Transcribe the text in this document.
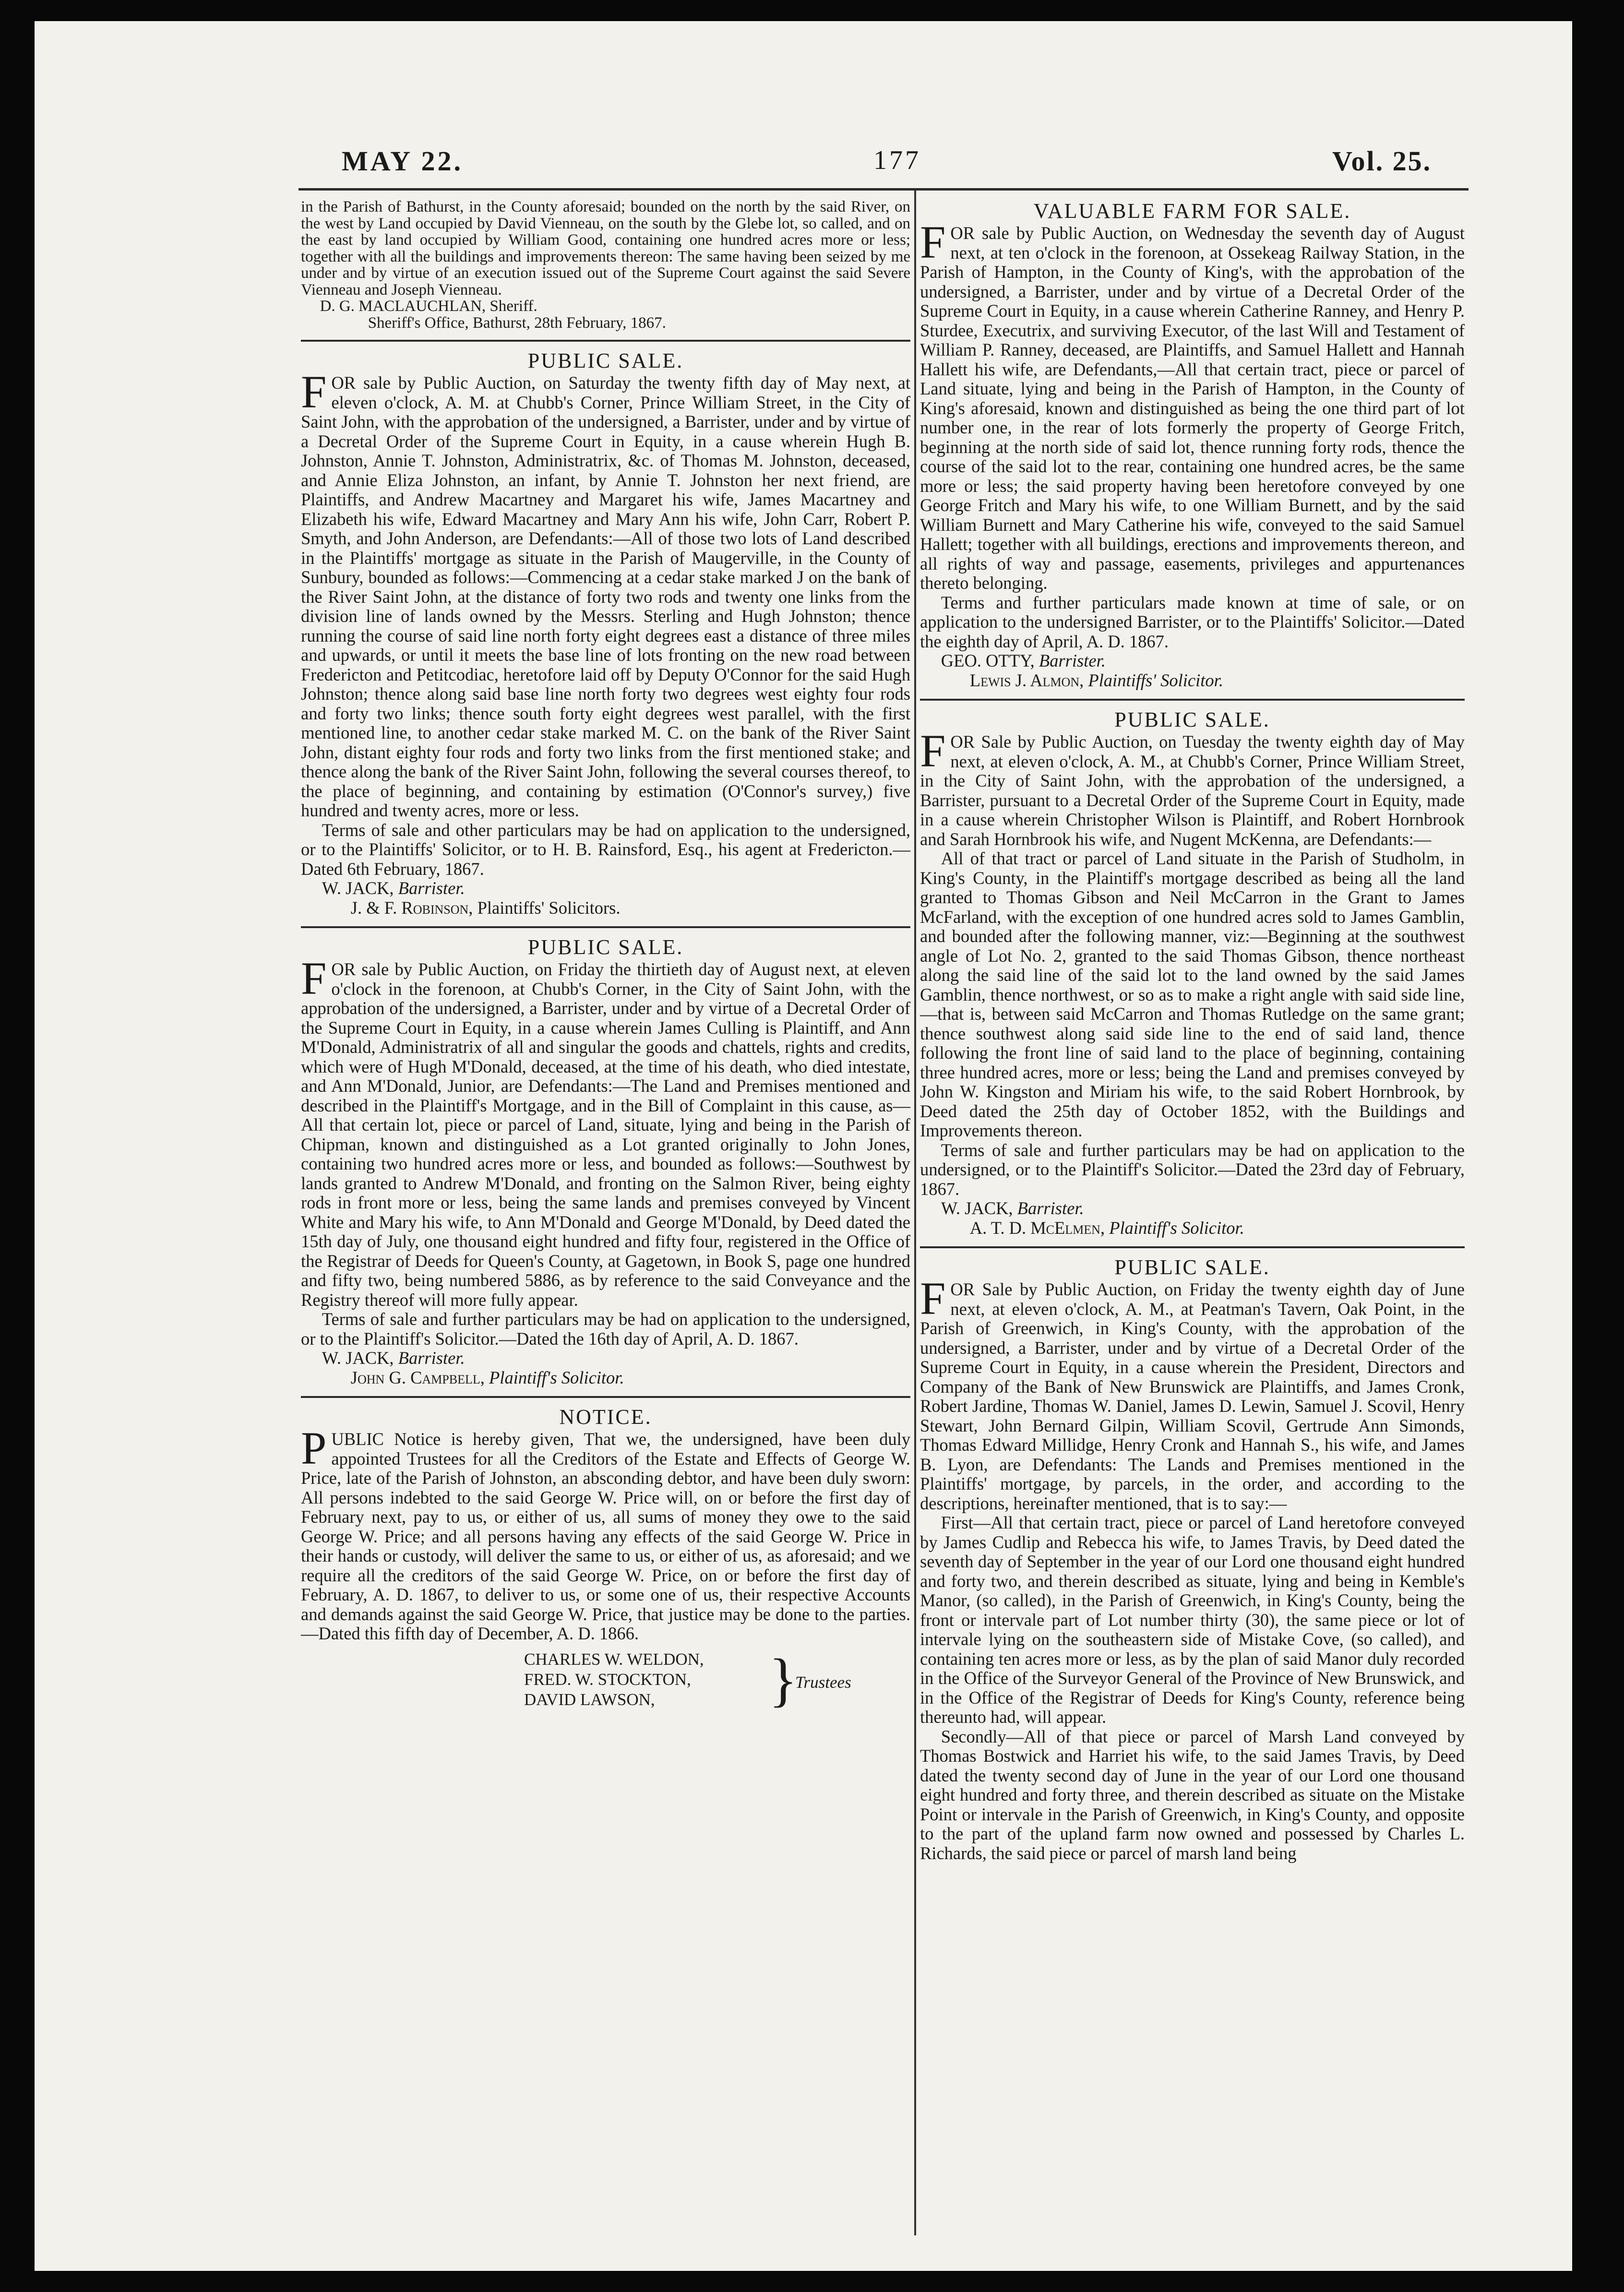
MAY 22.	177	Vol. 25.

in the Parish of Bathurst, in the County aforesaid; bounded on the north by the said River, on the west by Land occupied by David Vienneau, on the south by the Glebe lot, so called, and on the east by land occupied by William Good, containing one hundred acres more or less; together with all the buildings and improvements thereon: The same having been seized by me under and by virtue of an execution issued out of the Supreme Court against the said Severe Vienneau and Joseph Vienneau.

D. G. MACLAUCHLAN, Sheriff.

Sheriff's Office, Bathurst, 28th February, 1867.

PUBLIC SALE.

FOR sale by Public Auction, on Saturday the twenty fifth day of May next, at eleven o'clock, A. M. at Chubb's Corner, Prince William Street, in the City of Saint John, with the approbation of the undersigned, a Barrister, under and by virtue of a Decretal Order of the Supreme Court in Equity, in a cause wherein Hugh B. Johnston, Annie T. Johnston, Administratrix, &c. of Thomas M. Johnston, deceased, and Annie Eliza Johnston, an infant, by Annie T. Johnston her next friend, are Plaintiffs, and Andrew Macartney and Margaret his wife, James Macartney and Elizabeth his wife, Edward Macartney and Mary Ann his wife, John Carr, Robert P. Smyth, and John Anderson, are Defendants:—All of those two lots of Land described in the Plaintiffs' mortgage as situate in the Parish of Maugerville, in the County of Sunbury, bounded as follows:—Commencing at a cedar stake marked J on the bank of the River Saint John, at the distance of forty two rods and twenty one links from the division line of lands owned by the Messrs. Sterling and Hugh Johnston; thence running the course of said line north forty eight degrees east a distance of three miles and upwards, or until it meets the base line of lots fronting on the new road between Fredericton and Petitcodiac, heretofore laid off by Deputy O'Connor for the said Hugh Johnston; thence along said base line north forty two degrees west eighty four rods and forty two links; thence south forty eight degrees west parallel, with the first mentioned line, to another cedar stake marked M. C. on the bank of the River Saint John, distant eighty four rods and forty two links from the first mentioned stake; and thence along the bank of the River Saint John, following the several courses thereof, to the place of beginning, and containing by estimation (O'Connor's survey,) five hundred and twenty acres, more or less.

Terms of sale and other particulars may be had on application to the undersigned, or to the Plaintiffs' Solicitor, or to H. B. Rainsford, Esq., his agent at Fredericton.—Dated 6th February, 1867.

W. JACK, Barrister.

J. & F. Robinson, Plaintiffs' Solicitors.

PUBLIC SALE.

FOR sale by Public Auction, on Friday the thirtieth day of August next, at eleven o'clock in the forenoon, at Chubb's Corner, in the City of Saint John, with the approbation of the undersigned, a Barrister, under and by virtue of a Decretal Order of the Supreme Court in Equity, in a cause wherein James Culling is Plaintiff, and Ann M'Donald, Administratrix of all and singular the goods and chattels, rights and credits, which were of Hugh M'Donald, deceased, at the time of his death, who died intestate, and Ann M'Donald, Junior, are Defendants:—The Land and Premises mentioned and described in the Plaintiff's Mortgage, and in the Bill of Complaint in this cause, as—All that certain lot, piece or parcel of Land, situate, lying and being in the Parish of Chipman, known and distinguished as a Lot granted originally to John Jones, containing two hundred acres more or less, and bounded as follows:—Southwest by lands granted to Andrew M'Donald, and fronting on the Salmon River, being eighty rods in front more or less, being the same lands and premises conveyed by Vincent White and Mary his wife, to Ann M'Donald and George M'Donald, by Deed dated the 15th day of July, one thousand eight hundred and fifty four, registered in the Office of the Registrar of Deeds for Queen's County, at Gagetown, in Book S, page one hundred and fifty two, being numbered 5886, as by reference to the said Conveyance and the Registry thereof will more fully appear.

Terms of sale and further particulars may be had on application to the undersigned, or to the Plaintiff's Solicitor.—Dated the 16th day of April, A. D. 1867.

W. JACK, Barrister.

John G. Campbell, Plaintiff's Solicitor.

NOTICE.

PUBLIC Notice is hereby given, That we, the undersigned, have been duly appointed Trustees for all the Creditors of the Estate and Effects of George W. Price, late of the Parish of Johnston, an absconding debtor, and have been duly sworn: All persons indebted to the said George W. Price will, on or before the first day of February next, pay to us, or either of us, all sums of money they owe to the said George W. Price; and all persons having any effects of the said George W. Price in their hands or custody, will deliver the same to us, or either of us, as aforesaid; and we require all the creditors of the said George W. Price, on or before the first day of February, A. D. 1867, to deliver to us, or some one of us, their respective Accounts and demands against the said George W. Price, that justice may be done to the parties.—Dated this fifth day of December, A. D. 1866.

CHARLES W. WELDON,
FRED. W. STOCKTON,
DAVID LAWSON,	}
Trustees
VALUABLE FARM FOR SALE.

FOR sale by Public Auction, on Wednesday the seventh day of August next, at ten o'clock in the forenoon, at Ossekeag Railway Station, in the Parish of Hampton, in the County of King's, with the approbation of the undersigned, a Barrister, under and by virtue of a Decretal Order of the Supreme Court in Equity, in a cause wherein Catherine Ranney, and Henry P. Sturdee, Executrix, and surviving Executor, of the last Will and Testament of William P. Ranney, deceased, are Plaintiffs, and Samuel Hallett and Hannah Hallett his wife, are Defendants,—All that certain tract, piece or parcel of Land situate, lying and being in the Parish of Hampton, in the County of King's aforesaid, known and distinguished as being the one third part of lot number one, in the rear of lots formerly the property of George Fritch, beginning at the north side of said lot, thence running forty rods, thence the course of the said lot to the rear, containing one hundred acres, be the same more or less; the said property having been heretofore conveyed by one George Fritch and Mary his wife, to one William Burnett, and by the said William Burnett and Mary Catherine his wife, conveyed to the said Samuel Hallett; together with all buildings, erections and improvements thereon, and all rights of way and passage, easements, privileges and appurtenances thereto belonging.

Terms and further particulars made known at time of sale, or on application to the undersigned Barrister, or to the Plaintiffs' Solicitor.—Dated the eighth day of April, A. D. 1867.

GEO. OTTY, Barrister.

Lewis J. Almon, Plaintiffs' Solicitor.

PUBLIC SALE.

FOR Sale by Public Auction, on Tuesday the twenty eighth day of May next, at eleven o'clock, A. M., at Chubb's Corner, Prince William Street, in the City of Saint John, with the approbation of the undersigned, a Barrister, pursuant to a Decretal Order of the Supreme Court in Equity, made in a cause wherein Christopher Wilson is Plaintiff, and Robert Hornbrook and Sarah Hornbrook his wife, and Nugent McKenna, are Defendants:—

All of that tract or parcel of Land situate in the Parish of Studholm, in King's County, in the Plaintiff's mortgage described as being all the land granted to Thomas Gibson and Neil McCarron in the Grant to James McFarland, with the exception of one hundred acres sold to James Gamblin, and bounded after the following manner, viz:—Beginning at the southwest angle of Lot No. 2, granted to the said Thomas Gibson, thence northeast along the said line of the said lot to the land owned by the said James Gamblin, thence northwest, or so as to make a right angle with said side line,—that is, between said McCarron and Thomas Rutledge on the same grant; thence southwest along said side line to the end of said land, thence following the front line of said land to the place of beginning, containing three hundred acres, more or less; being the Land and premises conveyed by John W. Kingston and Miriam his wife, to the said Robert Hornbrook, by Deed dated the 25th day of October 1852, with the Buildings and Improvements thereon.

Terms of sale and further particulars may be had on application to the undersigned, or to the Plaintiff's Solicitor.—Dated the 23rd day of February, 1867.

W. JACK, Barrister.

A. T. D. McElmen, Plaintiff's Solicitor.

PUBLIC SALE.

FOR Sale by Public Auction, on Friday the twenty eighth day of June next, at eleven o'clock, A. M., at Peatman's Tavern, Oak Point, in the Parish of Greenwich, in King's County, with the approbation of the undersigned, a Barrister, under and by virtue of a Decretal Order of the Supreme Court in Equity, in a cause wherein the President, Directors and Company of the Bank of New Brunswick are Plaintiffs, and James Cronk, Robert Jardine, Thomas W. Daniel, James D. Lewin, Samuel J. Scovil, Henry Stewart, John Bernard Gilpin, William Scovil, Gertrude Ann Simonds, Thomas Edward Millidge, Henry Cronk and Hannah S., his wife, and James B. Lyon, are Defendants: The Lands and Premises mentioned in the Plaintiffs' mortgage, by parcels, in the order, and according to the descriptions, hereinafter mentioned, that is to say:—

First—All that certain tract, piece or parcel of Land heretofore conveyed by James Cudlip and Rebecca his wife, to James Travis, by Deed dated the seventh day of September in the year of our Lord one thousand eight hundred and forty two, and therein described as situate, lying and being in Kemble's Manor, (so called), in the Parish of Greenwich, in King's County, being the front or intervale part of Lot number thirty (30), the same piece or lot of intervale lying on the southeastern side of Mistake Cove, (so called), and containing ten acres more or less, as by the plan of said Manor duly recorded in the Office of the Surveyor General of the Province of New Brunswick, and in the Office of the Registrar of Deeds for King's County, reference being thereunto had, will appear.

Secondly—All of that piece or parcel of Marsh Land conveyed by Thomas Bostwick and Harriet his wife, to the said James Travis, by Deed dated the twenty second day of June in the year of our Lord one thousand eight hundred and forty three, and therein described as situate on the Mistake Point or intervale in the Parish of Greenwich, in King's County, and opposite to the part of the upland farm now owned and possessed by Charles L. Richards, the said piece or parcel of marsh land being
